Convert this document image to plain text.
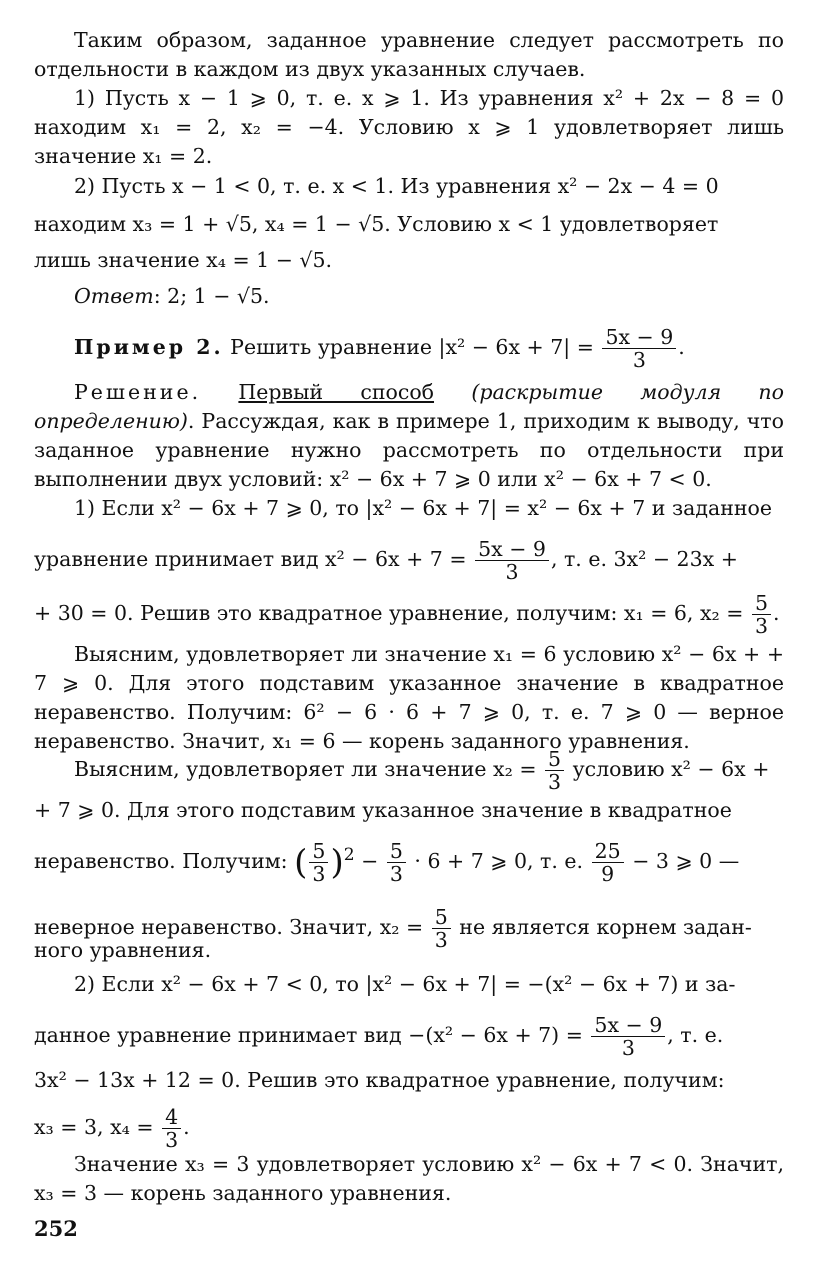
Таким образом, заданное уравнение следует рассмотреть по отдельности в каждом из двух указанных случаев.
1) Пусть x − 1 ⩾ 0, т. е. x ⩾ 1. Из уравнения x² + 2x − 8 = 0 находим x₁ = 2, x₂ = −4. Условию x ⩾ 1 удовлетворяет лишь значение x₁ = 2.
2) Пусть x − 1 < 0, т. е. x < 1. Из уравнения x² − 2x − 4 = 0
находим x₃ = 1 + √5, x₄ = 1 − √5. Условию x < 1 удовлетворяет
лишь значение x₄ = 1 − √5.
Ответ: 2; 1 − √5.
Пример 2. Решить уравнение $|x^2 - 6x + 7| = \frac{5x - 9}{3}$ .
Решение. Первый способ (раскрытие модуля по определению). Рассуждая, как в примере 1, приходим к выводу, что заданное уравнение нужно рассмотреть по отдельности при выполнении двух условий: x² − 6x + 7 ⩾ 0 или x² − 6x + 7 < 0.
1) Если x² − 6x + 7 ⩾ 0, то |x² − 6x + 7| = x² − 6x + 7 и заданное
уравнение принимает вид $x^2 - 6x + 7 = \frac{5x - 9}{3}$ , т. е. 3x² − 23x +
+ 30 = 0. Решив это квадратное уравнение, получим: x₁ = 6, $x_2 = \frac{5}{3}$ .
Выясним, удовлетворяет ли значение x₁ = 6 условию x² − 6x + + 7 ⩾ 0. Для этого подставим указанное значение в квадратное неравенство. Получим: 6² − 6 · 6 + 7 ⩾ 0, т. е. 7 ⩾ 0 — верное неравенство. Значит, x₁ = 6 — корень заданного уравнения.
Выясним, удовлетворяет ли значение $x_2 = \frac{5}{3}$ условию x² − 6x +
+ 7 ⩾ 0. Для этого подставим указанное значение в квадратное
неравенство. Получим: ( $\frac{5}{3} )^2 - \frac{5}{3} \cdot 6 + 7$ ⩾ 0, т. е. $\frac{25}{9} - 3$ ⩾ 0 —
неверное неравенство. Значит, $x_2 = \frac{5}{3}$ не является корнем задан-
ного уравнения.
2) Если x² − 6x + 7 < 0, то |x² − 6x + 7| = −(x² − 6x + 7) и за-
данное уравнение принимает вид $-(x^2 - 6x + 7) = \frac{5x - 9}{3}$ , т. е.
3x² − 13x + 12 = 0. Решив это квадратное уравнение, получим:
x₃ = 3, $x_4 = \frac{4}{3}$ .
Значение x₃ = 3 удовлетворяет условию x² − 6x + 7 < 0. Значит, x₃ = 3 — корень заданного уравнения.
252
